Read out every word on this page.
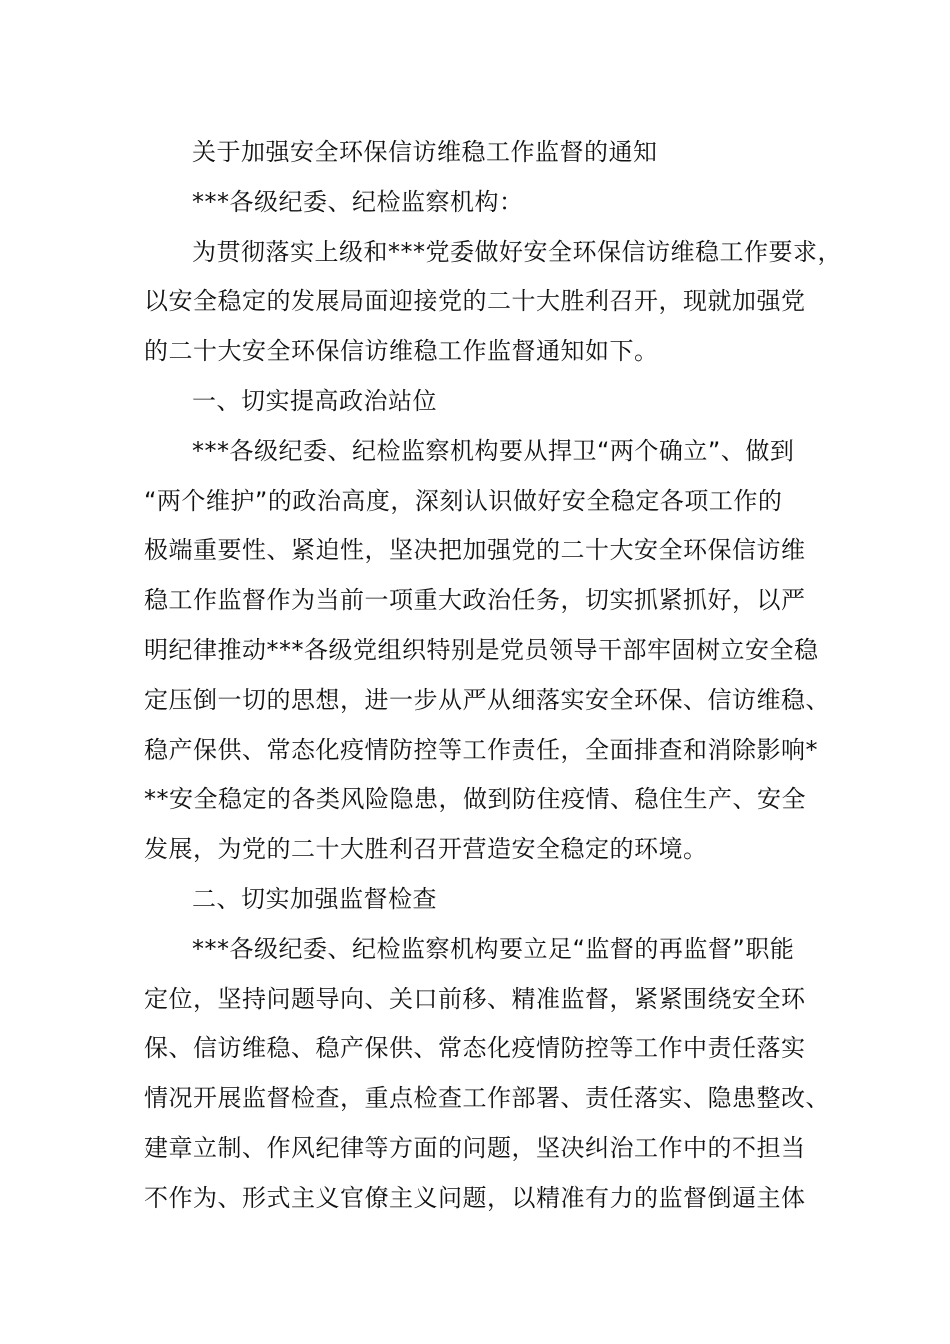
关于加强安全环保信访维稳工作监督的通知
***各级纪委、纪检监察机构：
为贯彻落实上级和***党委做好安全环保信访维稳工作要求，
以安全稳定的发展局面迎接党的二十大胜利召开，现就加强党
的二十大安全环保信访维稳工作监督通知如下。
一、切实提高政治站位
***各级纪委、纪检监察机构要从捍卫“两个确立”、做到
“两个维护”的政治高度，深刻认识做好安全稳定各项工作的
极端重要性、紧迫性，坚决把加强党的二十大安全环保信访维
稳工作监督作为当前一项重大政治任务，切实抓紧抓好，以严
明纪律推动***各级党组织特别是党员领导干部牢固树立安全稳
定压倒一切的思想，进一步从严从细落实安全环保、信访维稳、
稳产保供、常态化疫情防控等工作责任，全面排查和消除影响*
**安全稳定的各类风险隐患，做到防住疫情、稳住生产、安全
发展，为党的二十大胜利召开营造安全稳定的环境。
二、切实加强监督检查
***各级纪委、纪检监察机构要立足“监督的再监督”职能
定位，坚持问题导向、关口前移、精准监督，紧紧围绕安全环
保、信访维稳、稳产保供、常态化疫情防控等工作中责任落实
情况开展监督检查，重点检查工作部署、责任落实、隐患整改、
建章立制、作风纪律等方面的问题，坚决纠治工作中的不担当
不作为、形式主义官僚主义问题，以精准有力的监督倒逼主体
